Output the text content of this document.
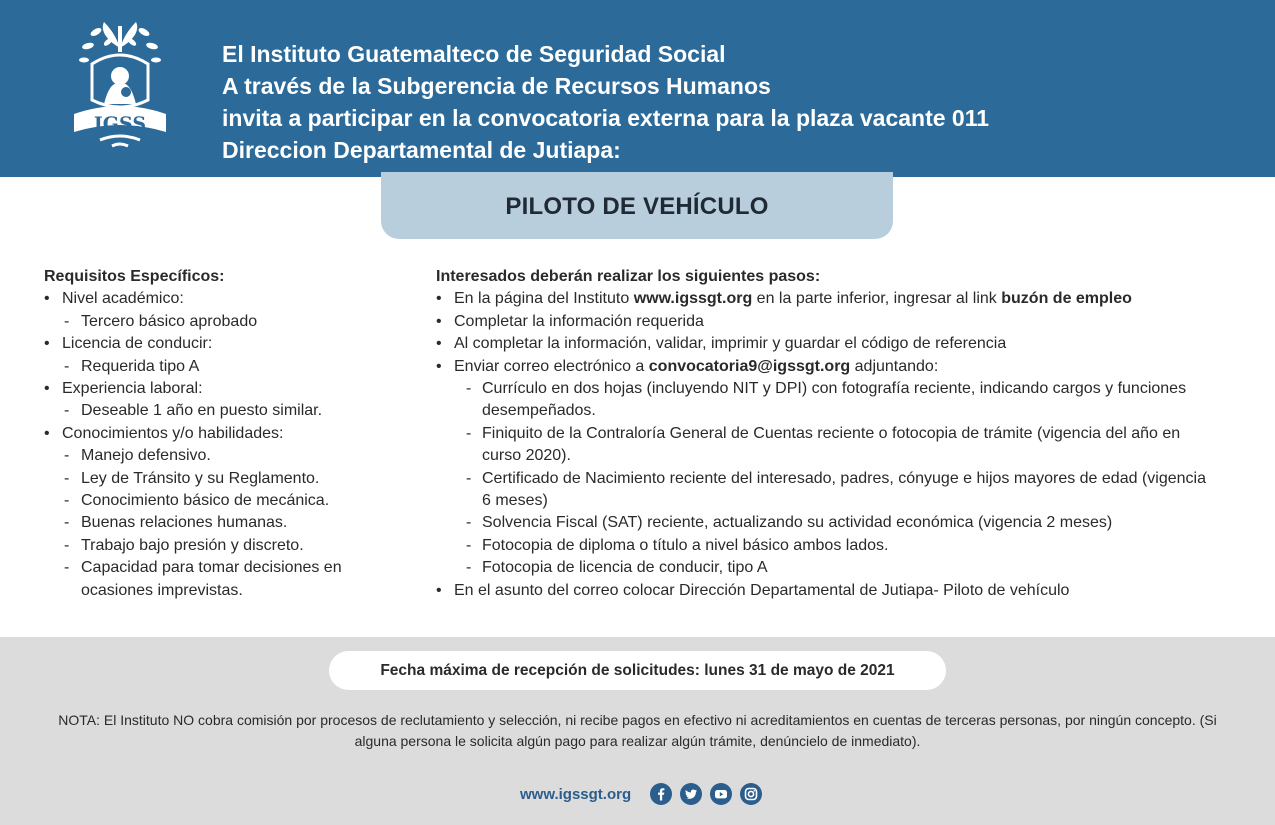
IGSS
El Instituto Guatemalteco de Seguridad Social
A través de la Subgerencia de Recursos Humanos
invita a participar en la convocatoria externa para la plaza vacante 011
Direccion Departamental de Jutiapa:
PILOTO DE VEHÍCULO
Requisitos Específicos:
• Nivel académico:
- Tercero básico aprobado
• Licencia de conducir:
- Requerida tipo A
• Experiencia laboral:
- Deseable 1 año en puesto similar.
• Conocimientos y/o habilidades:
- Manejo defensivo.
- Ley de Tránsito y su Reglamento.
- Conocimiento básico de mecánica.
- Buenas relaciones humanas.
- Trabajo bajo presión y discreto.
- Capacidad para tomar decisiones en ocasiones imprevistas.
Interesados deberán realizar los siguientes pasos:
• En la página del Instituto www.igssgt.org en la parte inferior, ingresar al link buzón de empleo
• Completar la información requerida
• Al completar la información, validar, imprimir y guardar el código de referencia
• Enviar correo electrónico a convocatoria9@igssgt.org adjuntando:
- Currículo en dos hojas (incluyendo NIT y DPI) con fotografía reciente, indicando cargos y funciones desempeñados.
- Finiquito de la Contraloría General de Cuentas reciente o fotocopia de trámite (vigencia del año en curso 2020).
- Certificado de Nacimiento reciente del interesado, padres, cónyuge e hijos mayores de edad (vigencia 6 meses)
- Solvencia Fiscal (SAT) reciente, actualizando su actividad económica (vigencia 2 meses)
- Fotocopia de diploma o título a nivel básico ambos lados.
- Fotocopia de licencia de conducir, tipo A
• En el asunto del correo colocar Dirección Departamental de Jutiapa- Piloto de vehículo
Fecha máxima de recepción de solicitudes: lunes 31 de mayo de 2021
NOTA: El Instituto NO cobra comisión por procesos de reclutamiento y selección, ni recibe pagos en efectivo ni acreditamientos en cuentas de terceras personas, por ningún concepto. (Si alguna persona le solicita algún pago para realizar algún trámite, denúncielo de inmediato).
www.igssgt.org
